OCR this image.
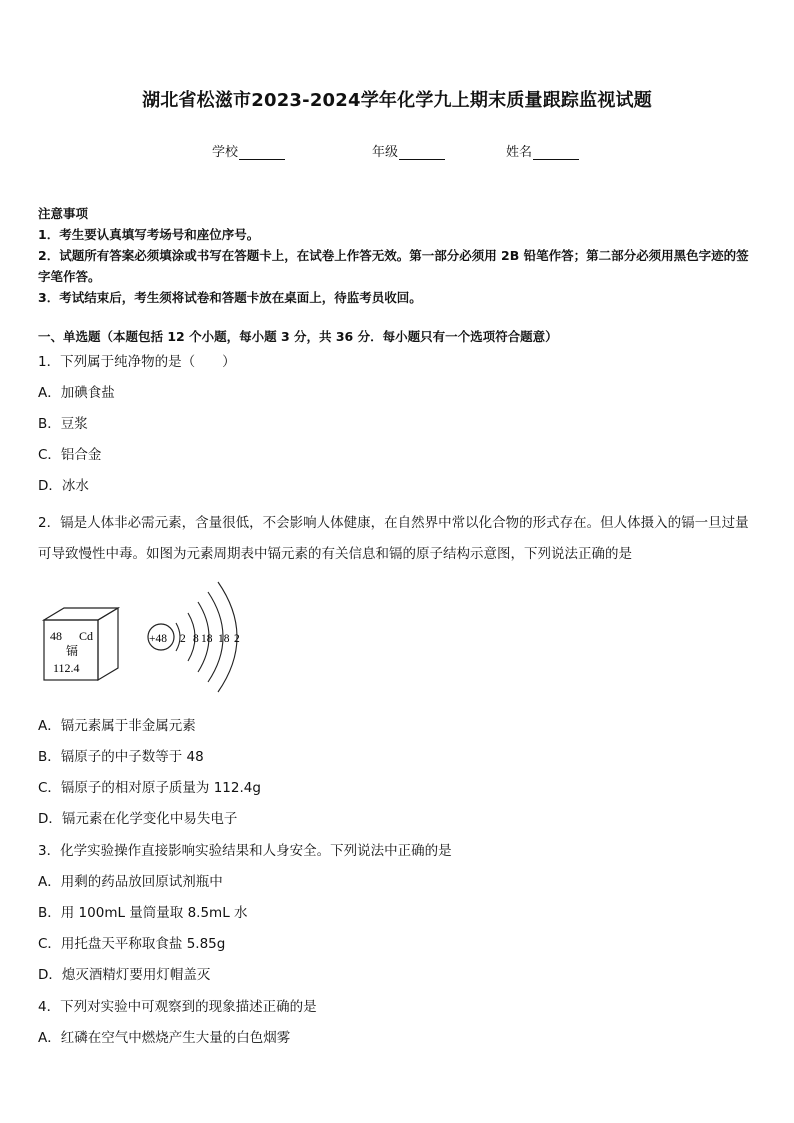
湖北省松滋市2023-2024学年化学九上期末质量跟踪监视试题
学校	年级	姓名
注意事项
1．考生要认真填写考场号和座位序号。
2．试题所有答案必须填涂或书写在答题卡上，在试卷上作答无效。第一部分必须用 2B 铅笔作答；第二部分必须用黑色字迹的签字笔作答。
3．考试结束后，考生须将试卷和答题卡放在桌面上，待监考员收回。
一、单选题（本题包括 12 个小题，每小题 3 分，共 36 分．每小题只有一个选项符合题意）
1．下列属于纯净物的是（　　）
A．加碘食盐
B．豆浆
C．铝合金
D．冰水
2．镉是人体非必需元素，含量很低，不会影响人体健康，在自然界中常以化合物的形式存在。但人体摄入的镉一旦过量可导致慢性中毒。如图为元素周期表中镉元素的有关信息和镉的原子结构示意图，下列说法正确的是
48 Cd
镉
112.4
+48 2 8 18 18 2
A．镉元素属于非金属元素
B．镉原子的中子数等于 48
C．镉原子的相对原子质量为 112.4g
D．镉元素在化学变化中易失电子
3．化学实验操作直接影响实验结果和人身安全。下列说法中正确的是
A．用剩的药品放回原试剂瓶中
B．用 100mL 量筒量取 8.5mL 水
C．用托盘天平称取食盐 5.85g
D．熄灭酒精灯要用灯帽盖灭
4．下列对实验中可观察到的现象描述正确的是
A．红磷在空气中燃烧产生大量的白色烟雾
